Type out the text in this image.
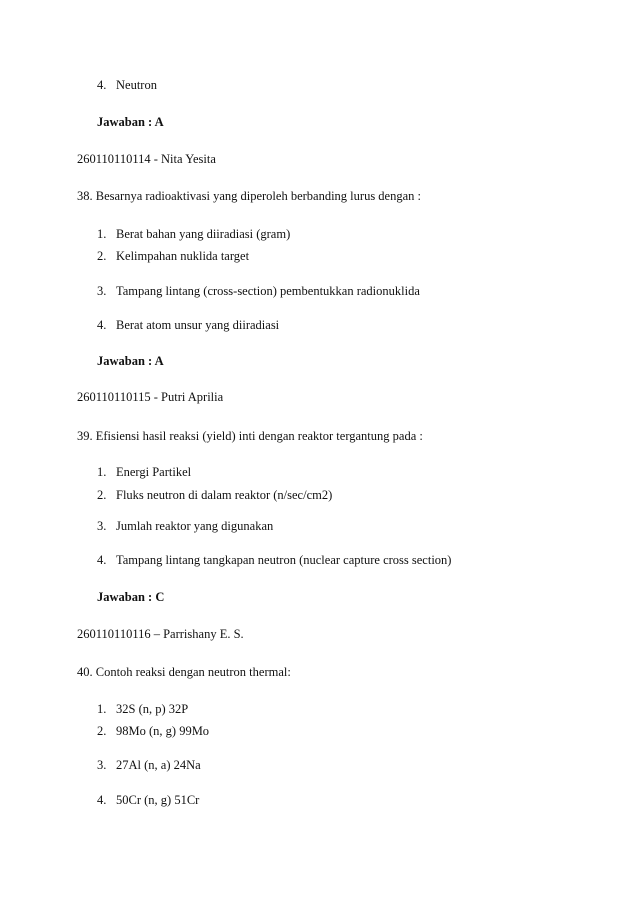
4. Neutron
Jawaban : A
260110110114 - Nita Yesita
38. Besarnya radioaktivasi yang diperoleh berbanding lurus dengan :
1. Berat bahan yang diiradiasi (gram)
2. Kelimpahan nuklida target
3. Tampang lintang (cross-section) pembentukkan radionuklida
4. Berat atom unsur yang diiradiasi
Jawaban : A
260110110115 - Putri Aprilia
39. Efisiensi hasil reaksi (yield) inti dengan reaktor tergantung pada :
1. Energi Partikel
2. Fluks neutron di dalam reaktor (n/sec/cm2)
3. Jumlah reaktor yang digunakan
4. Tampang lintang tangkapan neutron (nuclear capture cross section)
Jawaban : C
260110110116 – Parrishany E. S.
40. Contoh reaksi dengan neutron thermal:
1. 32S (n, p) 32P
2. 98Mo (n, g) 99Mo
3. 27Al (n, a) 24Na
4. 50Cr (n, g) 51Cr
